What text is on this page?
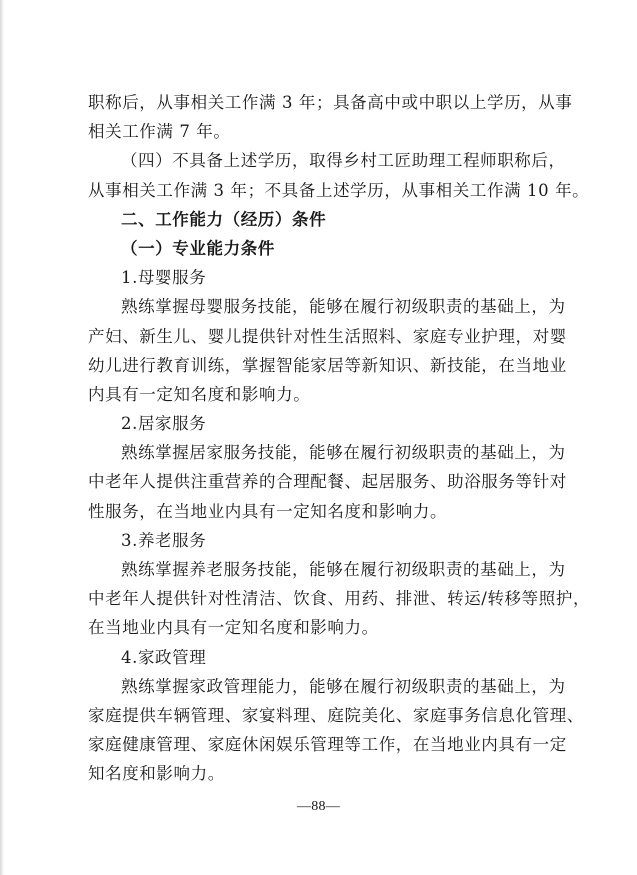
职称后，从事相关工作满 3 年；具备高中或中职以上学历，从事
相关工作满 7 年。
（四）不具备上述学历，取得乡村工匠助理工程师职称后，
从事相关工作满 3 年；不具备上述学历，从事相关工作满 10 年。
二、工作能力（经历）条件
（一）专业能力条件
1.母婴服务
熟练掌握母婴服务技能，能够在履行初级职责的基础上，为
产妇、新生儿、婴儿提供针对性生活照料、家庭专业护理，对婴
幼儿进行教育训练，掌握智能家居等新知识、新技能，在当地业
内具有一定知名度和影响力。
2.居家服务
熟练掌握居家服务技能，能够在履行初级职责的基础上，为
中老年人提供注重营养的合理配餐、起居服务、助浴服务等针对
性服务，在当地业内具有一定知名度和影响力。
3.养老服务
熟练掌握养老服务技能，能够在履行初级职责的基础上，为
中老年人提供针对性清洁、饮食、用药、排泄、转运/转移等照护，
在当地业内具有一定知名度和影响力。
4.家政管理
熟练掌握家政管理能力，能够在履行初级职责的基础上，为
家庭提供车辆管理、家宴料理、庭院美化、家庭事务信息化管理、
家庭健康管理、家庭休闲娱乐管理等工作，在当地业内具有一定
知名度和影响力。
—88—
